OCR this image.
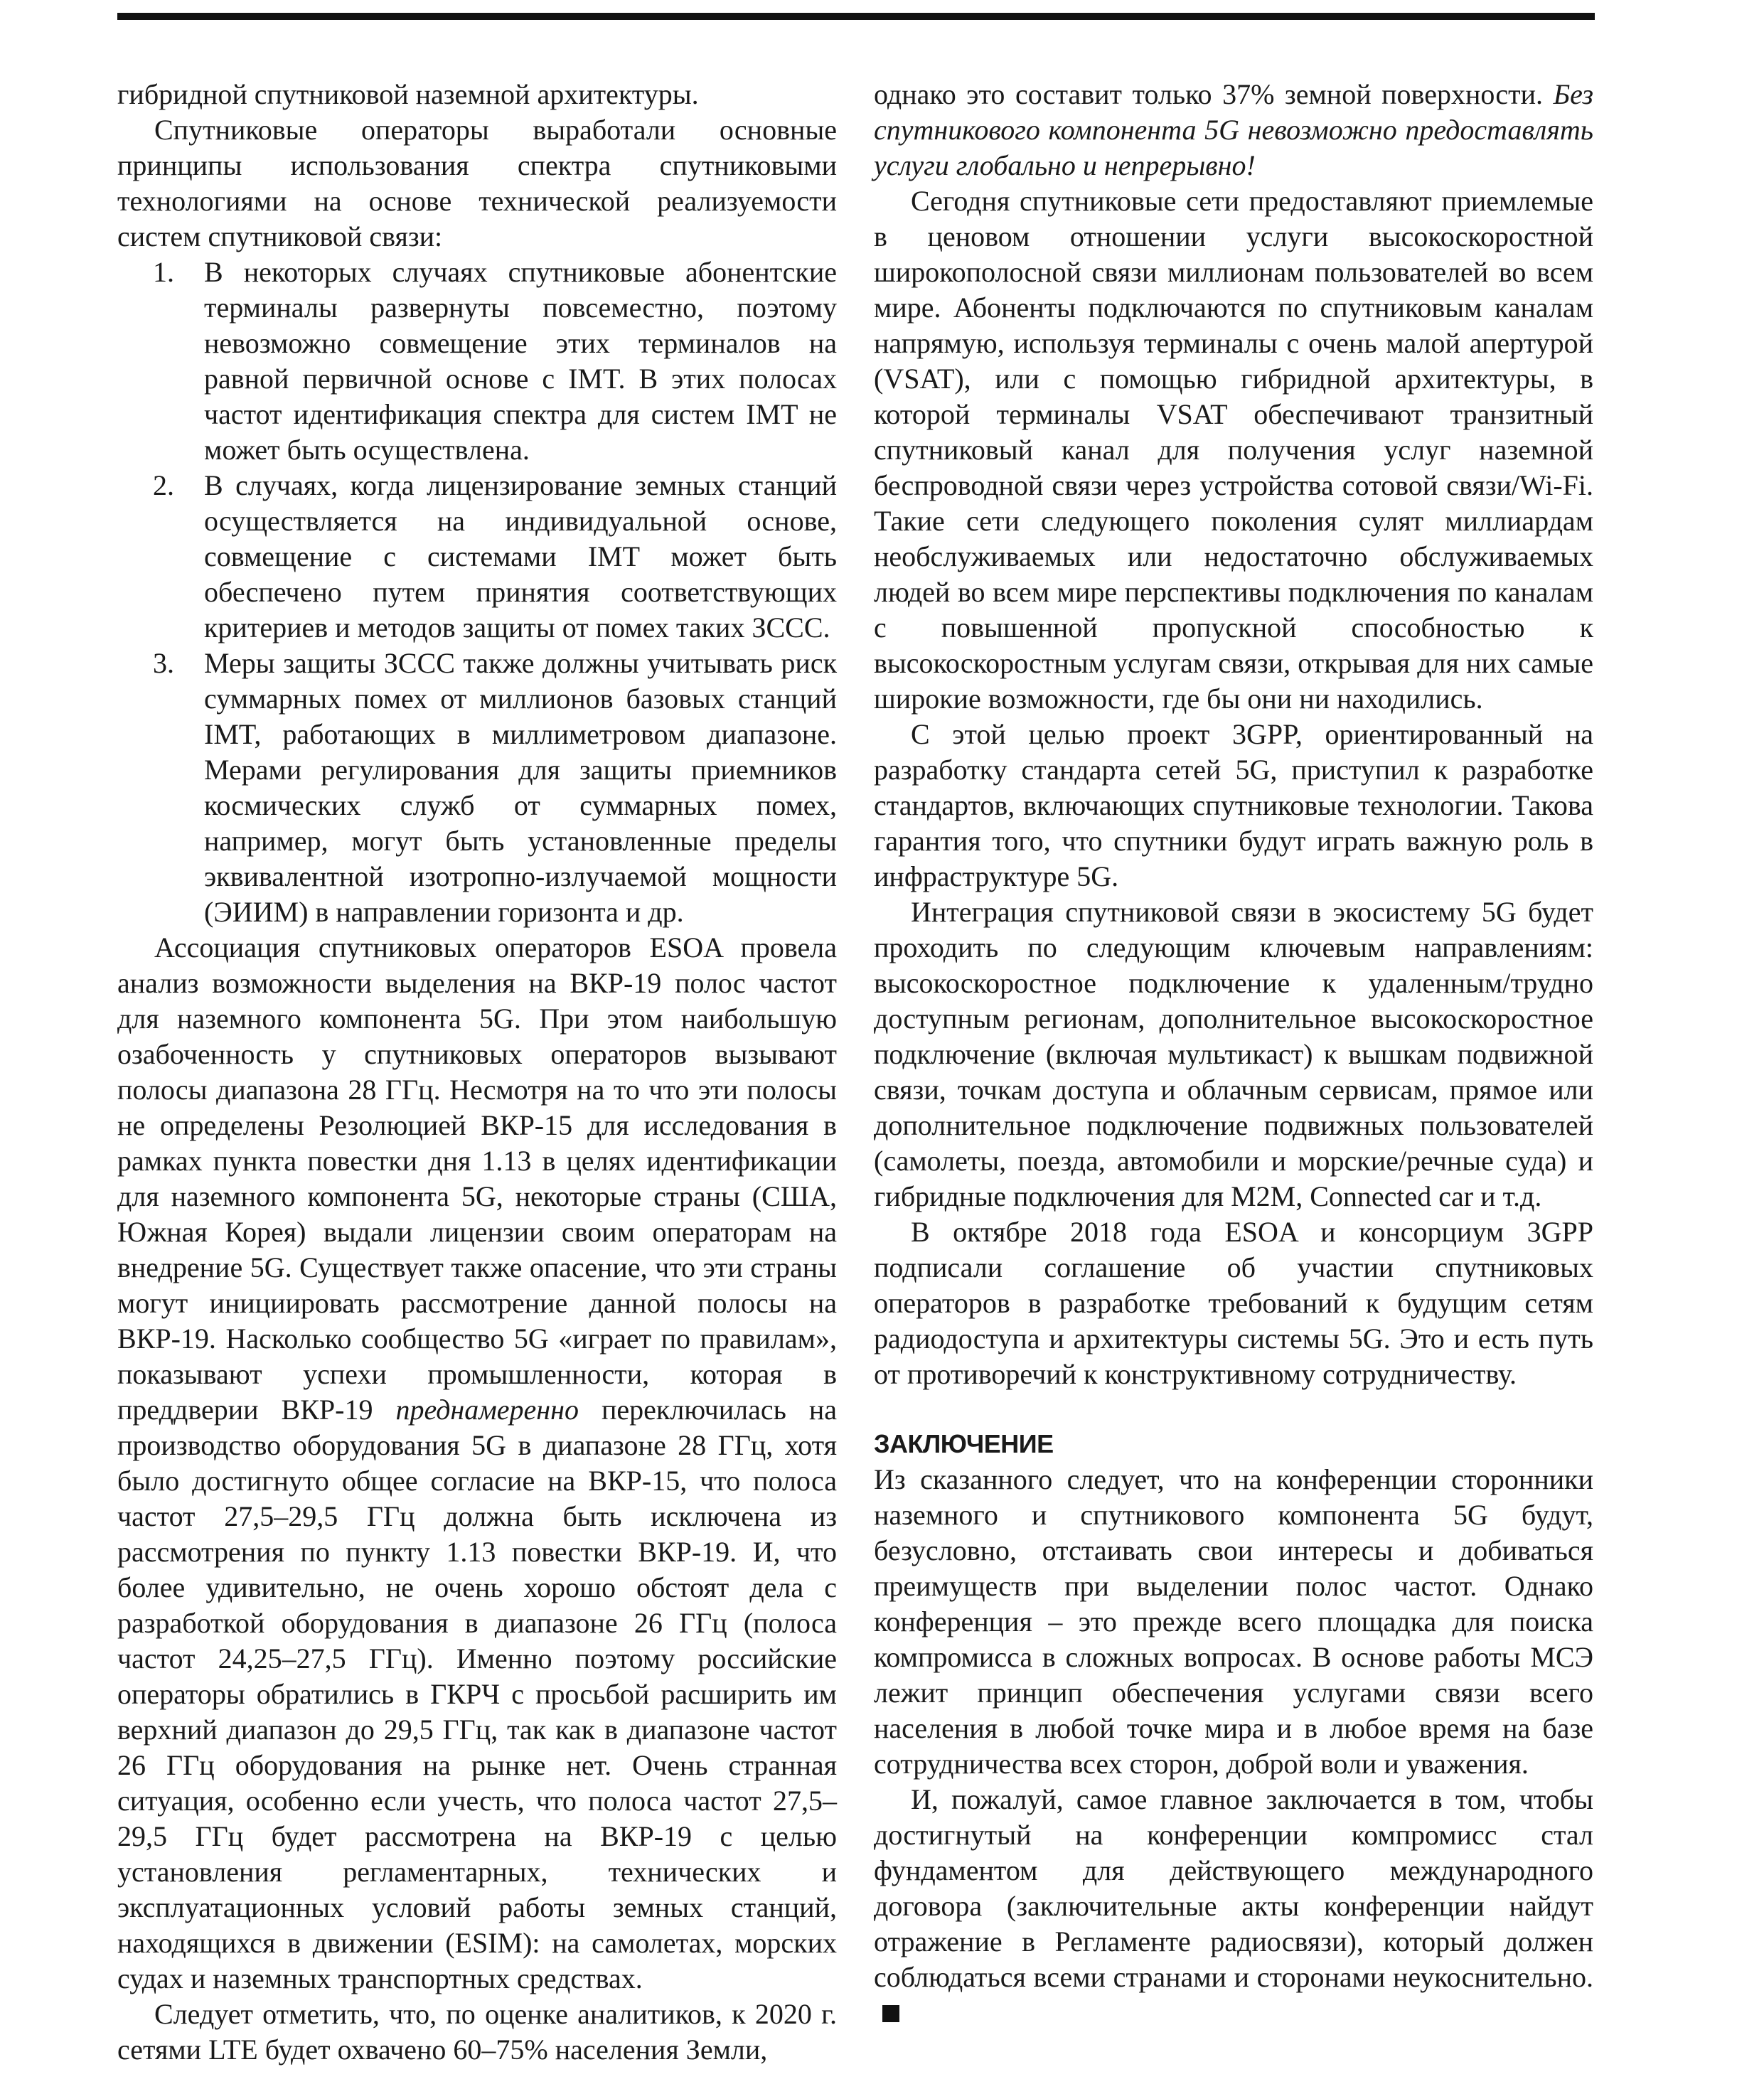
гибридной спутниковой наземной архитектуры.

Спутниковые операторы выработали основные принципы использования спектра спутниковыми технологиями на основе технической реализуемости систем спутниковой связи:

1. В некоторых случаях спутниковые абонентские терминалы развернуты повсеместно, поэтому невозможно совмещение этих терминалов на равной первичной основе с IMT. В этих полосах частот идентификация спектра для систем IMT не может быть осуществлена.
2. В случаях, когда лицензирование земных станций осуществляется на индивидуальной основе, совмещение с системами IMT может быть обеспечено путем принятия соответствующих критериев и методов защиты от помех таких ЗССС.
3. Меры защиты ЗССС также должны учитывать риск суммарных помех от миллионов базовых станций IMT, работающих в миллиметровом диапазоне. Мерами регулирования для защиты приемников космических служб от суммарных помех, например, могут быть установленные пределы эквивалентной изотропно-излучаемой мощности (ЭИИМ) в направлении горизонта и др.

Ассоциация спутниковых операторов ESOA провела анализ возможности выделения на ВКР-19 полос частот для наземного компонента 5G. При этом наибольшую озабоченность у спутниковых операторов вызывают полосы диапазона 28 ГГц. Несмотря на то что эти полосы не определены Резолюцией ВКР-15 для исследования в рамках пункта повестки дня 1.13 в целях идентификации для наземного компонента 5G, некоторые страны (США, Южная Корея) выдали лицензии своим операторам на внедрение 5G. Существует также опасение, что эти страны могут инициировать рассмотрение данной полосы на ВКР-19. Насколько сообщество 5G «играет по правилам», показывают успехи промышленности, которая в преддверии ВКР-19 преднамеренно переключилась на производство оборудования 5G в диапазоне 28 ГГц, хотя было достигнуто общее согласие на ВКР-15, что полоса частот 27,5–29,5 ГГц должна быть исключена из рассмотрения по пункту 1.13 повестки ВКР-19. И, что более удивительно, не очень хорошо обстоят дела с разработкой оборудования в диапазоне 26 ГГц (полоса частот 24,25–27,5 ГГц). Именно поэтому российские операторы обратились в ГКРЧ с просьбой расширить им верхний диапазон до 29,5 ГГц, так как в диапазоне частот 26 ГГц оборудования на рынке нет. Очень странная ситуация, особенно если учесть, что полоса частот 27,5–29,5 ГГц будет рассмотрена на ВКР-19 с целью установления регламентарных, технических и эксплуатационных условий работы земных станций, находящихся в движении (ESIM): на самолетах, морских судах и наземных транспортных средствах.

Следует отметить, что, по оценке аналитиков, к 2020 г. сетями LTE будет охвачено 60–75% населения Земли,

однако это составит только 37% земной поверхности. Без спутникового компонента 5G невозможно предоставлять услуги глобально и непрерывно!

Сегодня спутниковые сети предоставляют приемлемые в ценовом отношении услуги высокоскоростной широкополосной связи миллионам пользователей во всем мире. Абоненты подключаются по спутниковым каналам напрямую, используя терминалы с очень малой апертурой (VSAT), или с помощью гибридной архитектуры, в которой терминалы VSAT обеспечивают транзитный спутниковый канал для получения услуг наземной беспроводной связи через устройства сотовой связи/Wi-Fi. Такие сети следующего поколения сулят миллиардам необслуживаемых или недостаточно обслуживаемых людей во всем мире перспективы подключения по каналам с повышенной пропускной способностью к высокоскоростным услугам связи, открывая для них самые широкие возможности, где бы они ни находились.

С этой целью проект 3GPP, ориентированный на разработку стандарта сетей 5G, приступил к разработке стандартов, включающих спутниковые технологии. Такова гарантия того, что спутники будут играть важную роль в инфраструктуре 5G.

Интеграция спутниковой связи в экосистему 5G будет проходить по следующим ключевым направлениям: высокоскоростное подключение к удаленным/трудно доступным регионам, дополнительное высокоскоростное подключение (включая мультикаст) к вышкам подвижной связи, точкам доступа и облачным сервисам, прямое или дополнительное подключение подвижных пользователей (самолеты, поезда, автомобили и морские/речные суда) и гибридные подключения для M2M, Connected car и т.д.

В октябре 2018 года ESOA и консорциум 3GPP подписали соглашение об участии спутниковых операторов в разработке требований к будущим сетям радиодоступа и архитектуры системы 5G. Это и есть путь от противоречий к конструктивному сотрудничеству.

ЗАКЛЮЧЕНИЕ

Из сказанного следует, что на конференции сторонники наземного и спутникового компонента 5G будут, безусловно, отстаивать свои интересы и добиваться преимуществ при выделении полос частот. Однако конференция – это прежде всего площадка для поиска компромисса в сложных вопросах. В основе работы МСЭ лежит принцип обеспечения услугами связи всего населения в любой точке мира и в любое время на базе сотрудничества всех сторон, доброй воли и уважения.

И, пожалуй, самое главное заключается в том, чтобы достигнутый на конференции компромисс стал фундаментом для действующего международного договора (заключительные акты конференции найдут отражение в Регламенте радиосвязи), который должен соблюдаться всеми странами и сторонами неукоснительно.
